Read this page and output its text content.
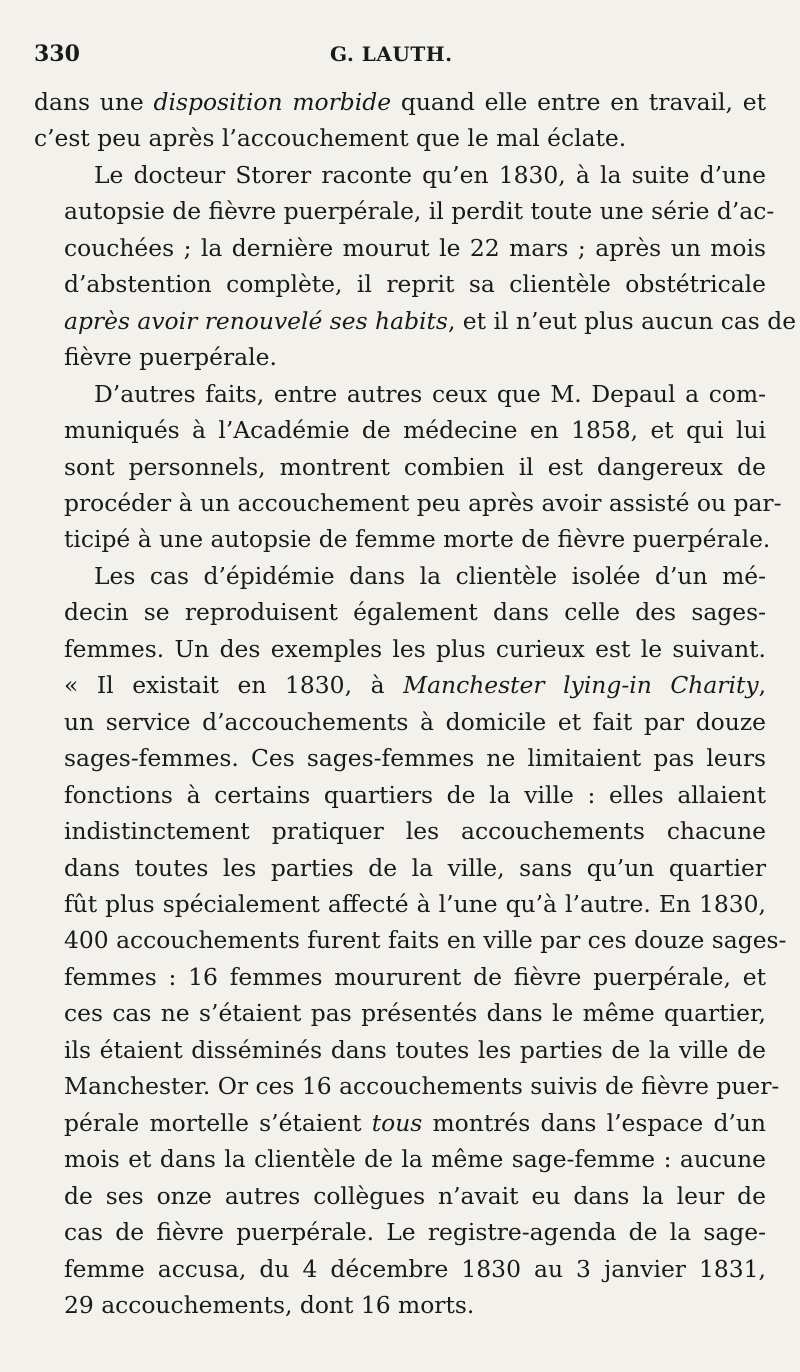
330	G. LAUTH.
dans une disposition morbide quand elle entre en travail, et
c’est peu après l’accouchement que le mal éclate.
Le docteur Storer raconte qu’en 1830, à la suite d’une
autopsie de fièvre puerpérale, il perdit toute une série d’ac-
couchées ; la dernière mourut le 22 mars ; après un mois
d’abstention complète, il reprit sa clientèle obstétricale
après avoir renouvelé ses habits, et il n’eut plus aucun cas de
fièvre puerpérale.
D’autres faits, entre autres ceux que M. Depaul a com-
muniqués à l’Académie de médecine en 1858, et qui lui
sont personnels, montrent combien il est dangereux de
procéder à un accouchement peu après avoir assisté ou par-
ticipé à une autopsie de femme morte de fièvre puerpérale.
Les cas d’épidémie dans la clientèle isolée d’un mé-
decin se reproduisent également dans celle des sages-
femmes. Un des exemples les plus curieux est le suivant.
« Il existait en 1830, à Manchester lying-in Charity,
un service d’accouchements à domicile et fait par douze
sages-femmes. Ces sages-femmes ne limitaient pas leurs
fonctions à certains quartiers de la ville : elles allaient
indistinctement pratiquer les accouchements chacune
dans toutes les parties de la ville, sans qu’un quartier
fût plus spécialement affecté à l’une qu’à l’autre. En 1830,
400 accouchements furent faits en ville par ces douze sages-
femmes : 16 femmes moururent de fièvre puerpérale, et
ces cas ne s’étaient pas présentés dans le même quartier,
ils étaient disséminés dans toutes les parties de la ville de
Manchester. Or ces 16 accouchements suivis de fièvre puer-
pérale mortelle s’étaient tous montrés dans l’espace d’un
mois et dans la clientèle de la même sage-femme : aucune
de ses onze autres collègues n’avait eu dans la leur de
cas de fièvre puerpérale. Le registre-agenda de la sage-
femme accusa, du 4 décembre 1830 au 3 janvier 1831,
29 accouchements, dont 16 morts.
